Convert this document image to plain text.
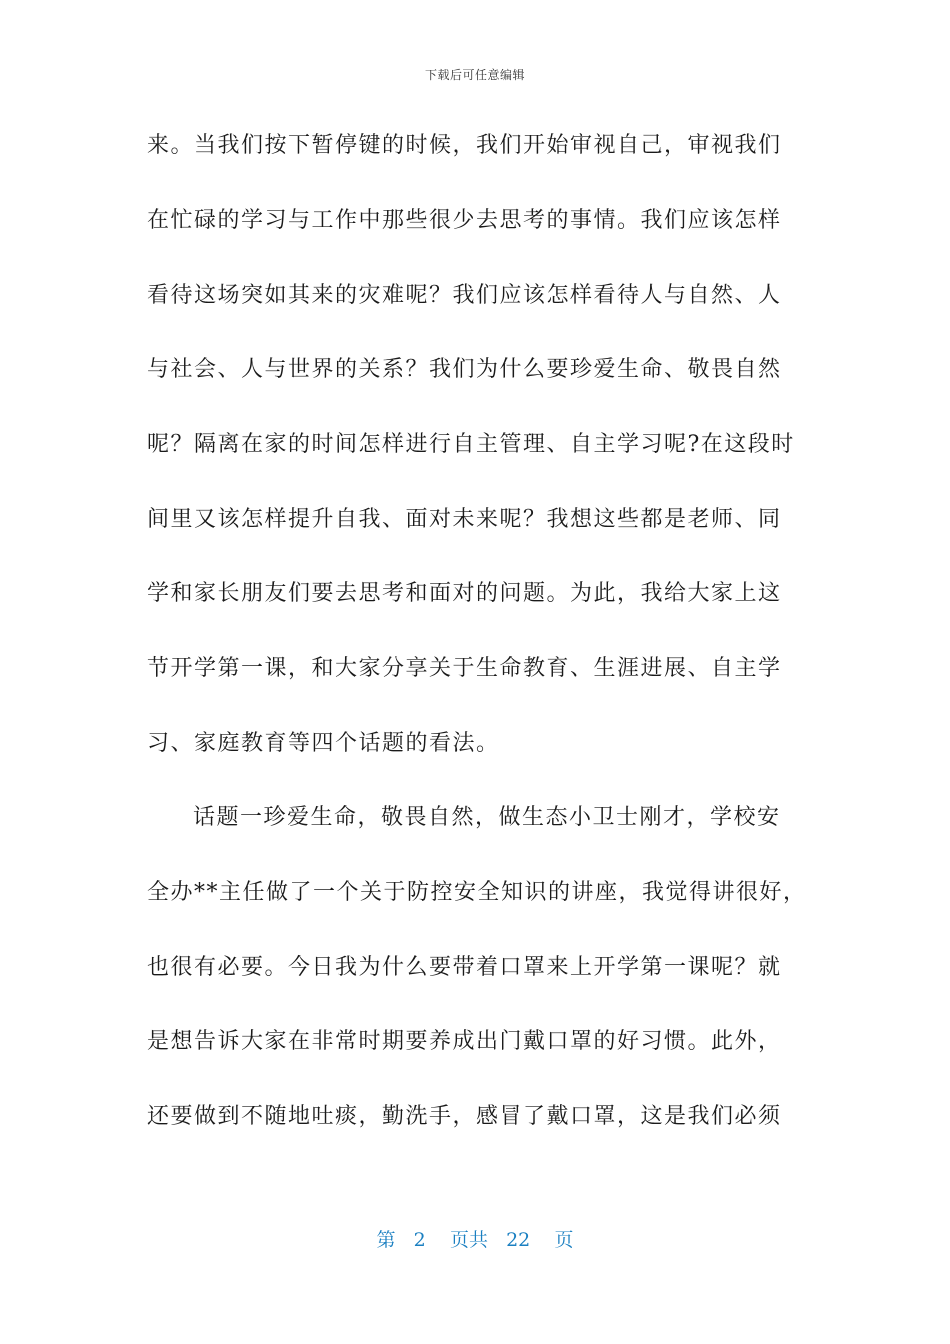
下载后可任意编辑
来。当我们按下暂停键的时候，我们开始审视自己，审视我们
在忙碌的学习与工作中那些很少去思考的事情。我们应该怎样
看待这场突如其来的灾难呢？我们应该怎样看待人与自然、人
与社会、人与世界的关系？我们为什么要珍爱生命、敬畏自然
呢？隔离在家的时间怎样进行自主管理、自主学习呢?在这段时
间里又该怎样提升自我、面对未来呢？我想这些都是老师、同
学和家长朋友们要去思考和面对的问题。为此，我给大家上这
节开学第一课，和大家分享关于生命教育、生涯进展、自主学
习、家庭教育等四个话题的看法。
话题一珍爱生命，敬畏自然，做生态小卫士刚才，学校安
全办**主任做了一个关于防控安全知识的讲座，我觉得讲很好，
也很有必要。今日我为什么要带着口罩来上开学第一课呢？就
是想告诉大家在非常时期要养成出门戴口罩的好习惯。此外，
还要做到不随地吐痰，勤洗手，感冒了戴口罩，这是我们必须
第 2 页共 22 页
